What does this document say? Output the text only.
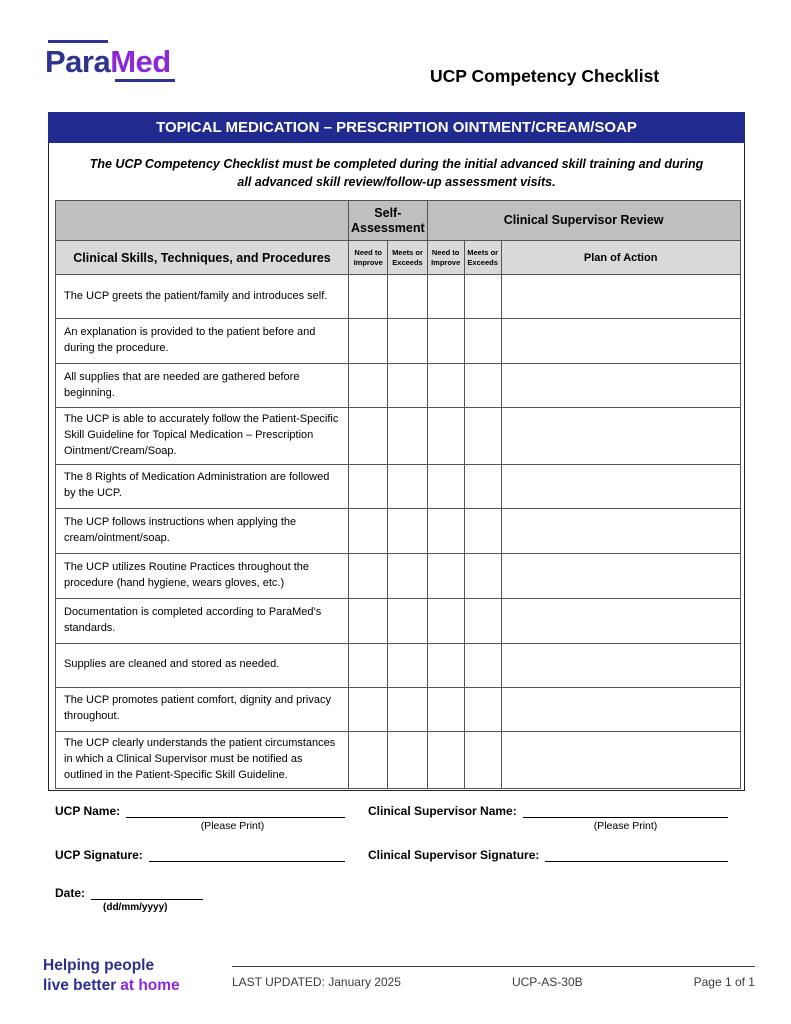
ParaMed	UCP Competency Checklist
TOPICAL MEDICATION – PRESCRIPTION OINTMENT/CREAM/SOAP
The UCP Competency Checklist must be completed during the initial advanced skill training and during all advanced skill review/follow-up assessment visits.
	Self-Assessment		Clinical Supervisor Review		
Clinical Skills, Techniques, and Procedures	Need to Improve	Meets or Exceeds	Need to Improve	Meets or Exceeds	Plan of Action
The UCP greets the patient/family and introduces self.					
An explanation is provided to the patient before and during the procedure.					
All supplies that are needed are gathered before beginning.					
The UCP is able to accurately follow the Patient-Specific Skill Guideline for Topical Medication – Prescription Ointment/Cream/Soap.					
The 8 Rights of Medication Administration are followed by the UCP.					
The UCP follows instructions when applying the cream/ointment/soap.					
The UCP utilizes Routine Practices throughout the procedure (hand hygiene, wears gloves, etc.)					
Documentation is completed according to ParaMed’s standards.					
Supplies are cleaned and stored as needed.					
The UCP promotes patient comfort, dignity and privacy throughout.					
The UCP clearly understands the patient circumstances in which a Clinical Supervisor must be notified as outlined in the Patient-Specific Skill Guideline.					
UCP Name:	Clinical Supervisor Name:
(Please Print)	(Please Print)
UCP Signature:	Clinical Supervisor Signature:
Date:
(dd/mm/yyyy)
Helping people
live better at home	LAST UPDATED: January 2025	UCP-AS-30B	Page 1 of 1
